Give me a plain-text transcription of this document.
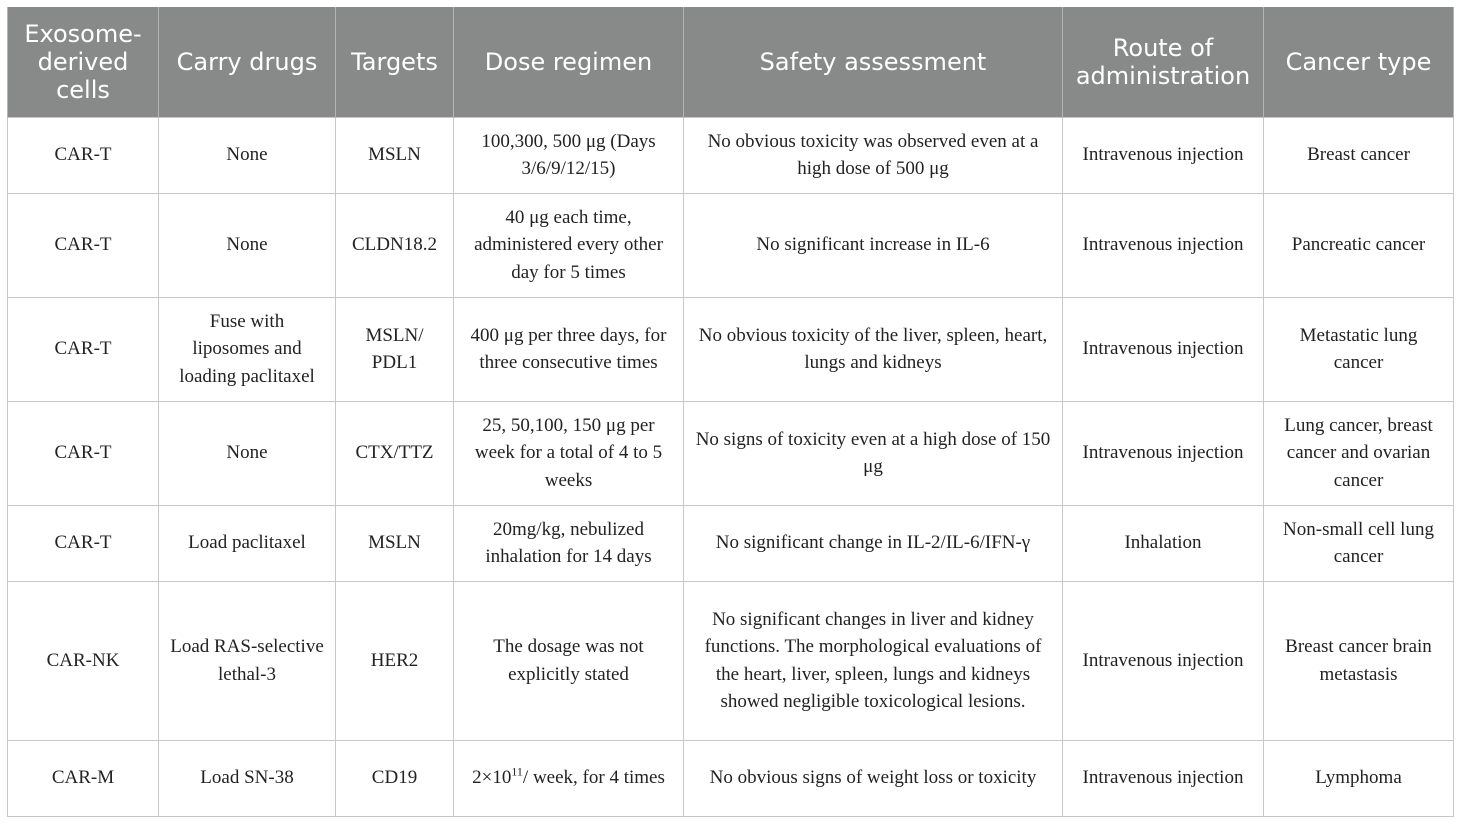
Exosome-derived cells	Carry drugs	Targets	Dose regimen	Safety assessment	Route of administration	Cancer type
CAR-T	None	MSLN	100,300, 500 μg (Days 3/6/9/12/15)	No obvious toxicity was observed even at a high dose of 500 μg	Intravenous injection	Breast cancer
CAR-T	None	CLDN18.2	40 μg each time, administered every other day for 5 times	No significant increase in IL-6	Intravenous injection	Pancreatic cancer
CAR-T	Fuse with liposomes and loading paclitaxel	MSLN/ PDL1	400 μg per three days, for three consecutive times	No obvious toxicity of the liver, spleen, heart, lungs and kidneys	Intravenous injection	Metastatic lung cancer
CAR-T	None	CTX/TTZ	25, 50,100, 150 μg per week for a total of 4 to 5 weeks	No signs of toxicity even at a high dose of 150 μg	Intravenous injection	Lung cancer, breast cancer and ovarian cancer
CAR-T	Load paclitaxel	MSLN	20mg/kg, nebulized inhalation for 14 days	No significant change in IL-2/IL-6/IFN-γ	Inhalation	Non-small cell lung cancer
CAR-NK	Load RAS-selective lethal-3	HER2	The dosage was not explicitly stated	No significant changes in liver and kidney functions. The morphological evaluations of the heart, liver, spleen, lungs and kidneys showed negligible toxicological lesions.	Intravenous injection	Breast cancer brain metastasis
CAR-M	Load SN-38	CD19	$2\times 10^{11}/$ week, for 4 times	No obvious signs of weight loss or toxicity	Intravenous injection	Lymphoma
